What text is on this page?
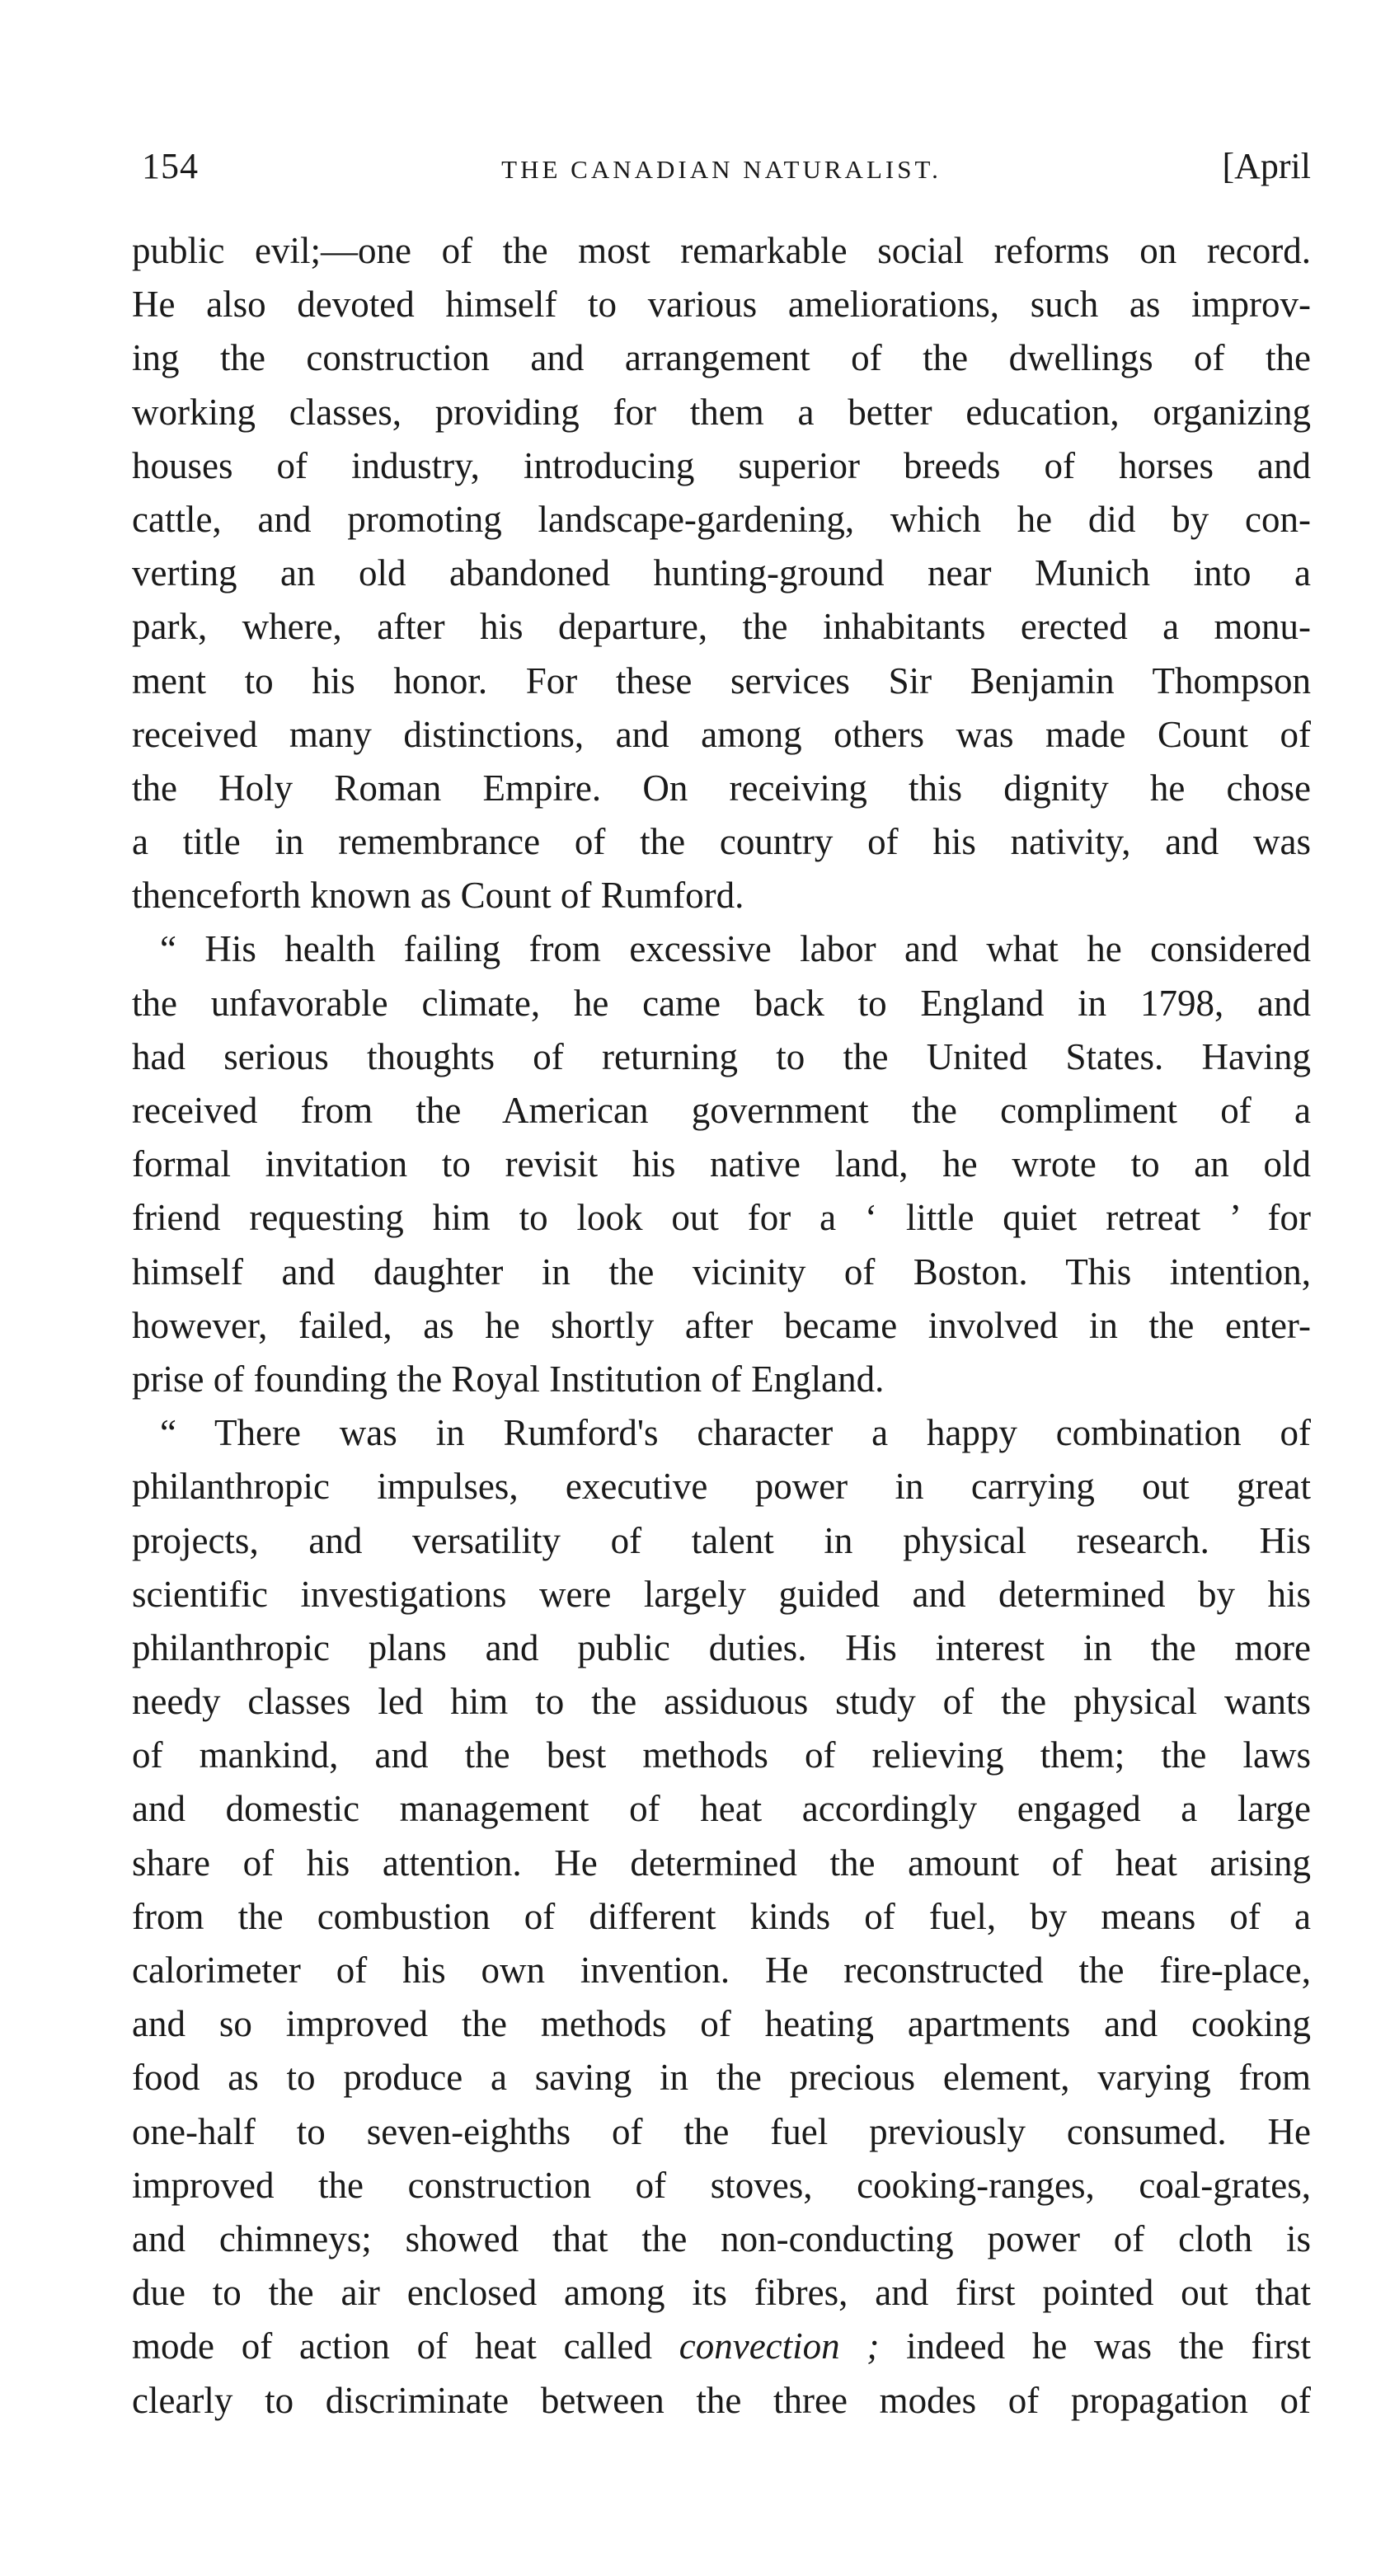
154	THE CANADIAN NATURALIST.	[April
public evil;—one of the most remarkable social reforms on record.
He also devoted himself to various ameliorations, such as improv-
ing the construction and arrangement of the dwellings of the
working classes, providing for them a better education, organizing
houses of industry, introducing superior breeds of horses and
cattle, and promoting landscape-gardening, which he did by con-
verting an old abandoned hunting-ground near Munich into a
park, where, after his departure, the inhabitants erected a monu-
ment to his honor. For these services Sir Benjamin Thompson
received many distinctions, and among others was made Count of
the Holy Roman Empire. On receiving this dignity he chose
a title in remembrance of the country of his nativity, and was
thenceforth known as Count of Rumford.
“ His health failing from excessive labor and what he considered
the unfavorable climate, he came back to England in 1798, and
had serious thoughts of returning to the United States. Having
received from the American government the compliment of a
formal invitation to revisit his native land, he wrote to an old
friend requesting him to look out for a ‘ little quiet retreat ’ for
himself and daughter in the vicinity of Boston. This intention,
however, failed, as he shortly after became involved in the enter-
prise of founding the Royal Institution of England.
“ There was in Rumford's character a happy combination of
philanthropic impulses, executive power in carrying out great
projects, and versatility of talent in physical research. His
scientific investigations were largely guided and determined by his
philanthropic plans and public duties. His interest in the more
needy classes led him to the assiduous study of the physical wants
of mankind, and the best methods of relieving them; the laws
and domestic management of heat accordingly engaged a large
share of his attention. He determined the amount of heat arising
from the combustion of different kinds of fuel, by means of a
calorimeter of his own invention. He reconstructed the fire-place,
and so improved the methods of heating apartments and cooking
food as to produce a saving in the precious element, varying from
one-half to seven-eighths of the fuel previously consumed. He
improved the construction of stoves, cooking-ranges, coal-grates,
and chimneys; showed that the non-conducting power of cloth is
due to the air enclosed among its fibres, and first pointed out that
mode of action of heat called convection ; indeed he was the first
clearly to discriminate between the three modes of propagation of
